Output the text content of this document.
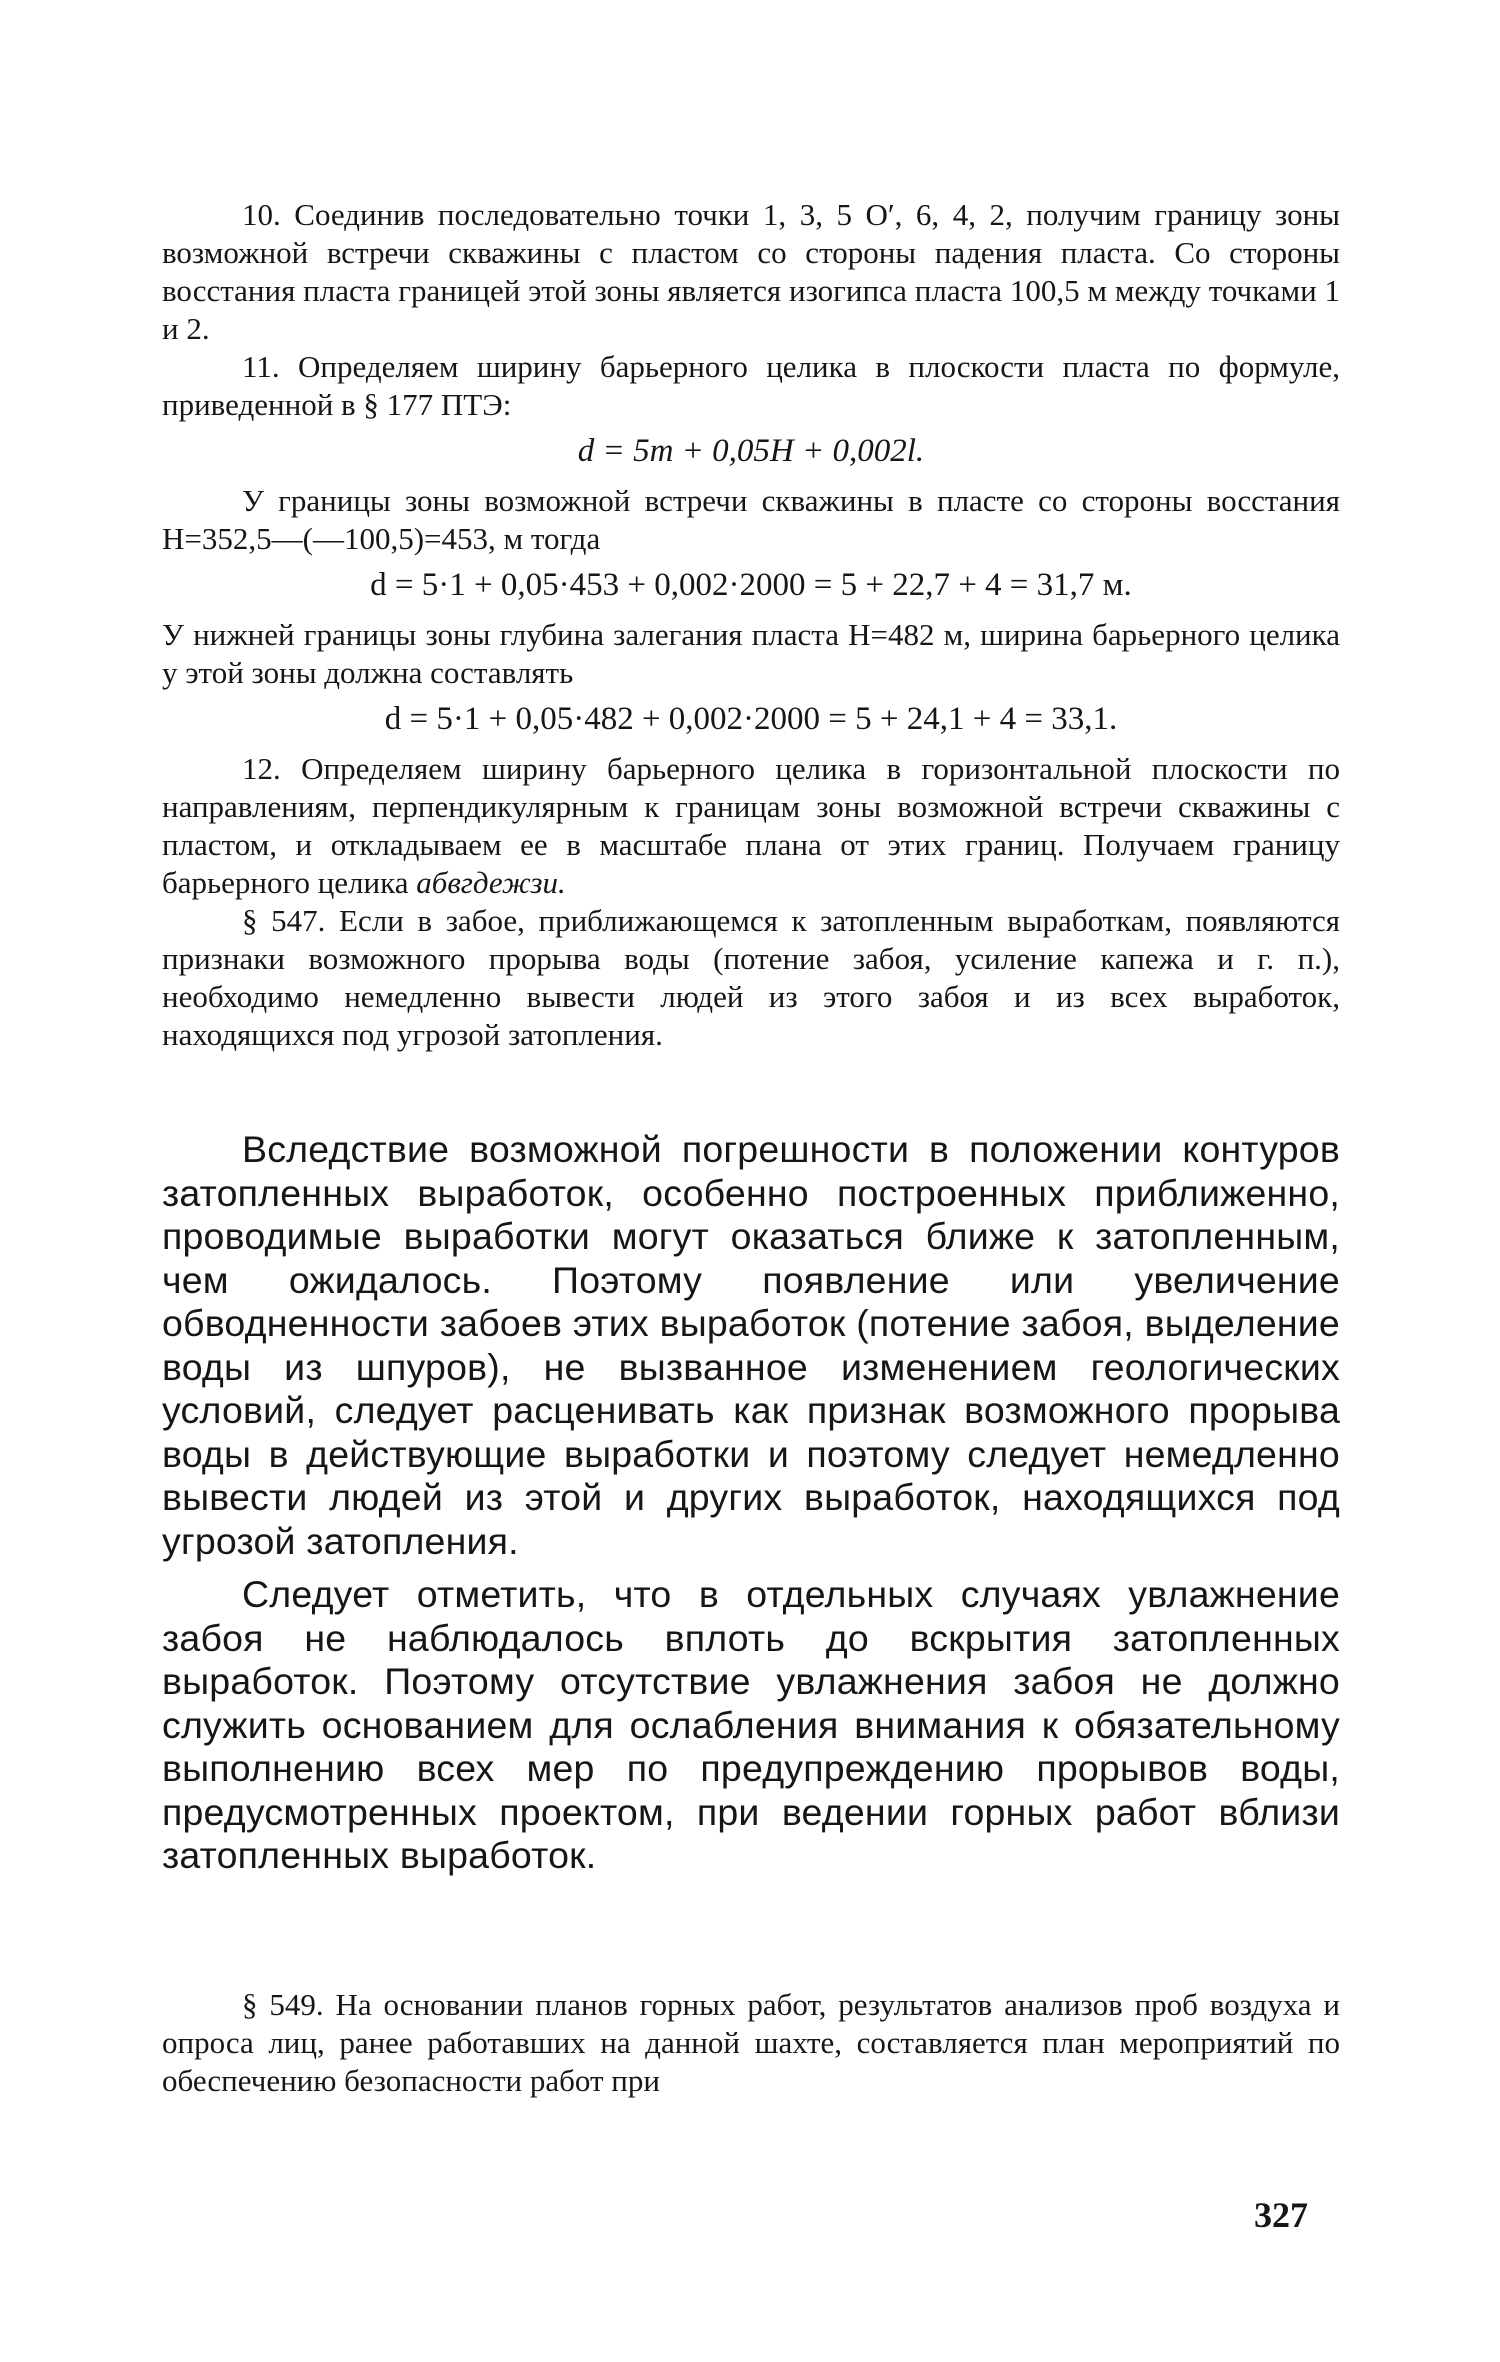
10. Соединив последовательно точки 1, 3, 5 O′, 6, 4, 2, получим границу зоны возможной встречи скважины с пластом со стороны падения пласта. Со стороны восстания пласта границей этой зоны является изогипса пласта 100,5 м между точками 1 и 2.

11. Определяем ширину барьерного целика в плоскости пласта по формуле, приведенной в § 177 ПТЭ:

d = 5m + 0,05H + 0,002l.

У границы зоны возможной встречи скважины в пласте со стороны восстания H=352,5—(—100,5)=453, м тогда

d = 5·1 + 0,05·453 + 0,002·2000 = 5 + 22,7 + 4 = 31,7 м.

У нижней границы зоны глубина залегания пласта H=482 м, ширина барьерного целика у этой зоны должна составлять

d = 5·1 + 0,05·482 + 0,002·2000 = 5 + 24,1 + 4 = 33,1.

12. Определяем ширину барьерного целика в горизонтальной плоскости по направлениям, перпендикулярным к границам зоны возможной встречи скважины с пластом, и откладываем ее в масштабе плана от этих границ. Получаем границу барьерного целика абвгдежзи.

§ 547. Если в забое, приближающемся к затопленным выработкам, появляются признаки возможного прорыва воды (потение забоя, усиление капежа и г. п.), необходимо немедленно вывести людей из этого забоя и из всех выработок, находящихся под угрозой затопления.

Вследствие возможной погрешности в положении контуров затопленных выработок, особенно построенных приближенно, проводимые выработки могут оказаться ближе к затопленным, чем ожидалось. Поэтому появление или увеличение обводненности забоев этих выработок (потение забоя, выделение воды из шпуров), не вызванное изменением геологических условий, следует расценивать как признак возможного прорыва воды в действующие выработки и поэтому следует немедленно вывести людей из этой и других выработок, находящихся под угрозой затопления.

Следует отметить, что в отдельных случаях увлажнение забоя не наблюдалось вплоть до вскрытия затопленных выработок. Поэтому отсутствие увлажнения забоя не должно служить основанием для ослабления внимания к обязательному выполнению всех мер по предупреждению прорывов воды, предусмотренных проектом, при ведении горных работ вблизи затопленных выработок.

§ 549. На основании планов горных работ, результатов анализов проб воздуха и опроса лиц, ранее работавших на данной шахте, составляется план мероприятий по обеспечению безопасности работ при

327
